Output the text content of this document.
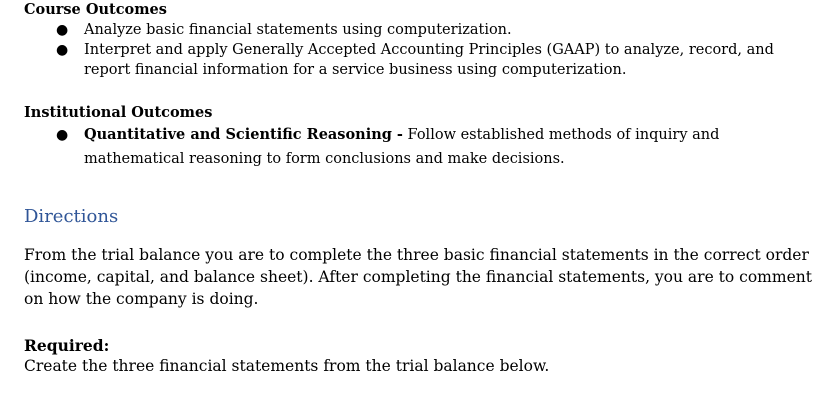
Course Outcomes

● Analyze basic financial statements using computerization.
● Interpret and apply Generally Accepted Accounting Principles (GAAP) to analyze, record, and report financial information for a service business using computerization.

Institutional Outcomes

● Quantitative and Scientific Reasoning - Follow established methods of inquiry and mathematical reasoning to form conclusions and make decisions.
Directions

From the trial balance you are to complete the three basic financial statements in the correct order (income, capital, and balance sheet). After completing the financial statements, you are to comment on how the company is doing.

Required:

Create the three financial statements from the trial balance below.
